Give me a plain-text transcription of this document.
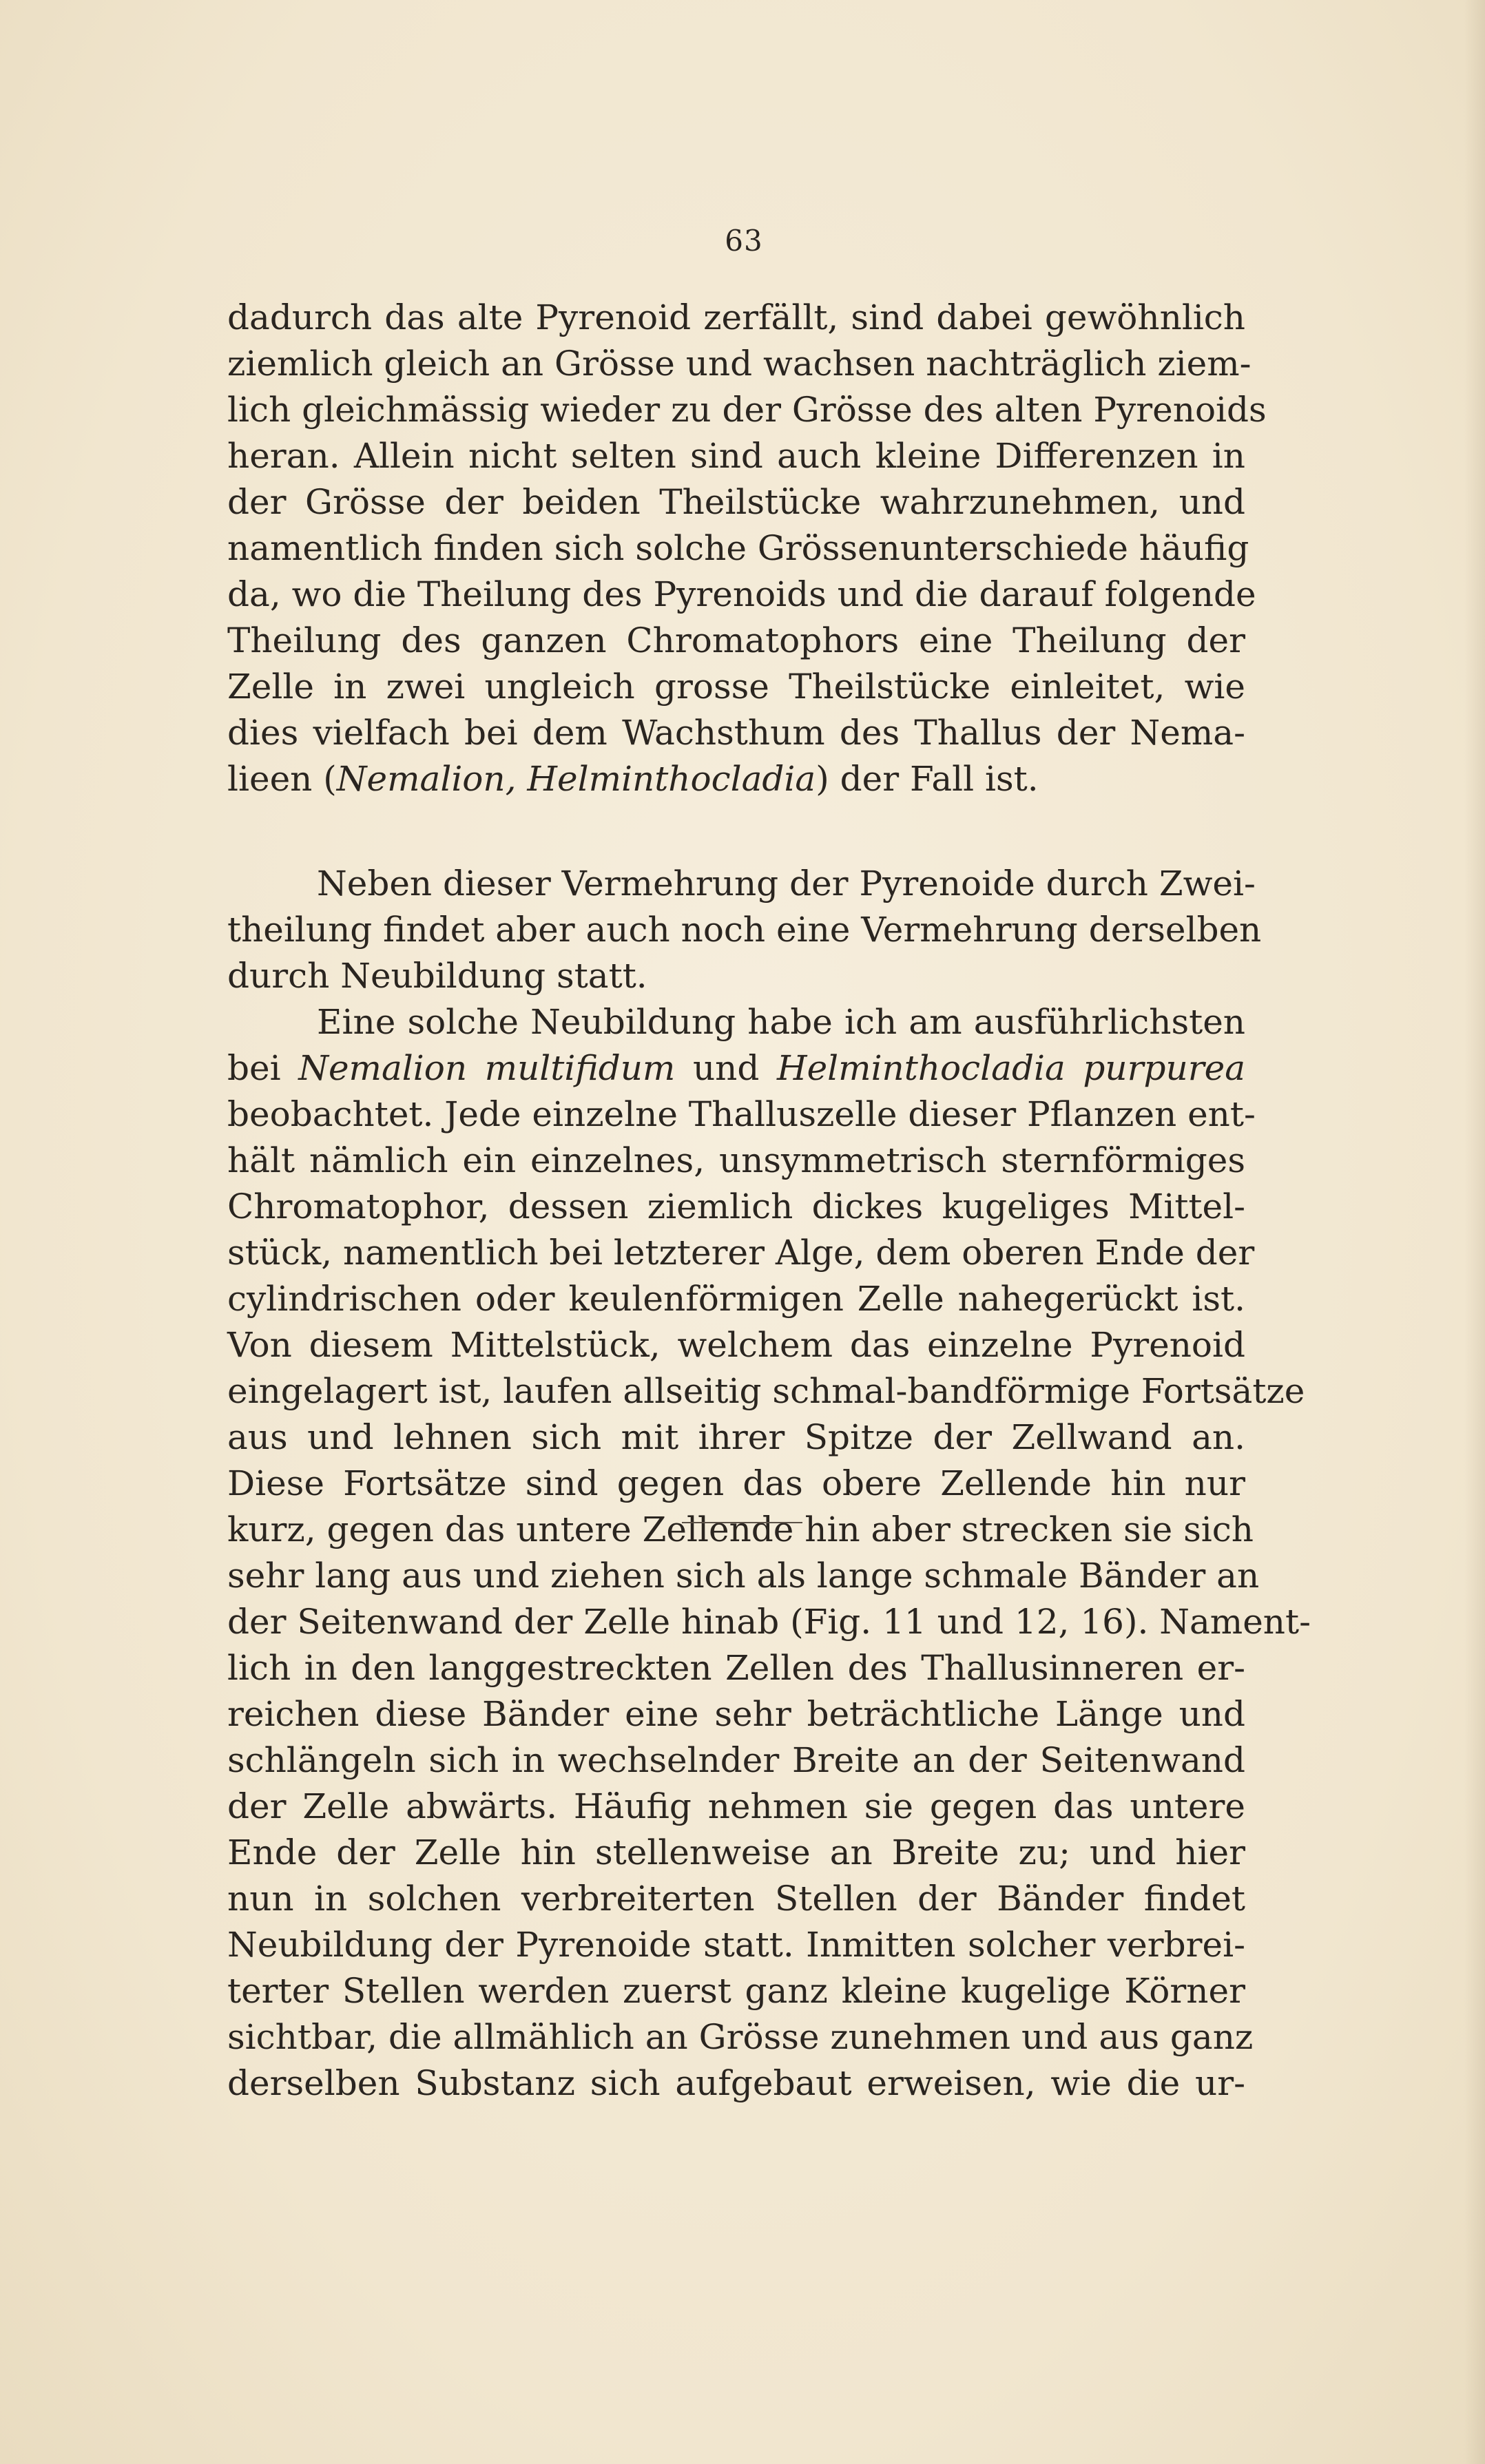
63
dadurch das alte Pyrenoid zerfällt, sind dabei gewöhnlich
ziemlich gleich an Grösse und wachsen nachträglich ziem-
lich gleichmässig wieder zu der Grösse des alten Pyrenoids
heran. Allein nicht selten sind auch kleine Differenzen in
der Grösse der beiden Theilstücke wahrzunehmen, und
namentlich finden sich solche Grössenunterschiede häufig
da, wo die Theilung des Pyrenoids und die darauf folgende
Theilung des ganzen Chromatophors eine Theilung der
Zelle in zwei ungleich grosse Theilstücke einleitet, wie
dies vielfach bei dem Wachsthum des Thallus der Nema-
lieen (Nemalion, Helminthocladia) der Fall ist.
Neben dieser Vermehrung der Pyrenoide durch Zwei-
theilung findet aber auch noch eine Vermehrung derselben
durch Neubildung statt.
Eine solche Neubildung habe ich am ausführlichsten
bei Nemalion multifidum und Helminthocladia purpurea
beobachtet. Jede einzelne Thalluszelle dieser Pflanzen ent-
hält nämlich ein einzelnes, unsymmetrisch sternförmiges
Chromatophor, dessen ziemlich dickes kugeliges Mittel-
stück, namentlich bei letzterer Alge, dem oberen Ende der
cylindrischen oder keulenförmigen Zelle nahegerückt ist.
Von diesem Mittelstück, welchem das einzelne Pyrenoid
eingelagert ist, laufen allseitig schmal-bandförmige Fortsätze
aus und lehnen sich mit ihrer Spitze der Zellwand an.
Diese Fortsätze sind gegen das obere Zellende hin nur
kurz, gegen das untere Zellende hin aber strecken sie sich
sehr lang aus und ziehen sich als lange schmale Bänder an
der Seitenwand der Zelle hinab (Fig. 11 und 12, 16). Nament-
lich in den langgestreckten Zellen des Thallusinneren er-
reichen diese Bänder eine sehr beträchtliche Länge und
schlängeln sich in wechselnder Breite an der Seitenwand
der Zelle abwärts. Häufig nehmen sie gegen das untere
Ende der Zelle hin stellenweise an Breite zu; und hier
nun in solchen verbreiterten Stellen der Bänder findet
Neubildung der Pyrenoide statt. Inmitten solcher verbrei-
terter Stellen werden zuerst ganz kleine kugelige Körner
sichtbar, die allmählich an Grösse zunehmen und aus ganz
derselben Substanz sich aufgebaut erweisen, wie die ur-
